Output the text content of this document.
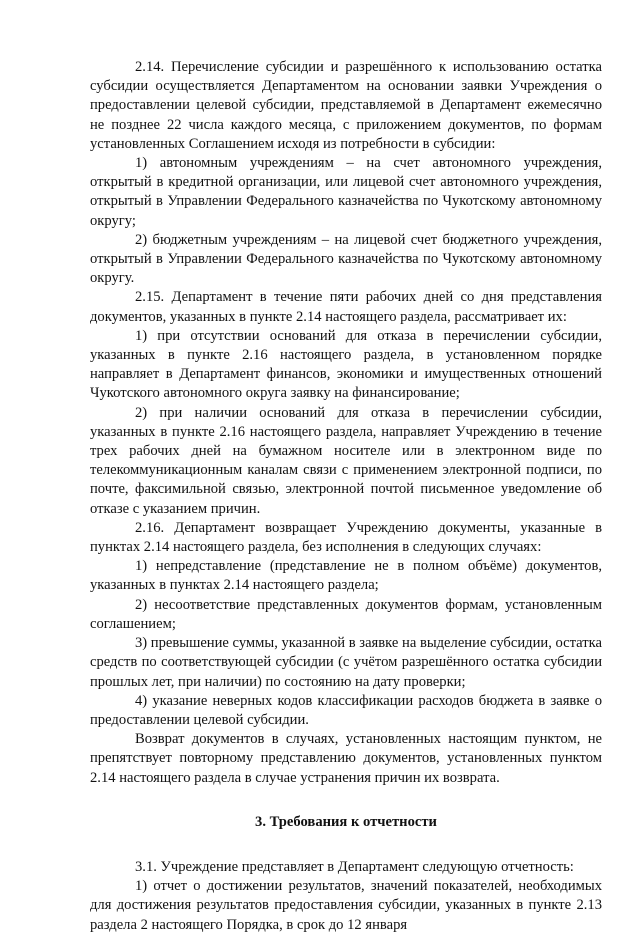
2.14. Перечисление субсидии и разрешённого к использованию остатка субсидии осуществляется Департаментом на основании заявки Учреждения о предоставлении целевой субсидии, представляемой в Департамент ежемесячно не позднее 22 числа каждого месяца, с приложением документов, по формам установленных Соглашением исходя из потребности в субсидии:

1) автономным учреждениям – на счет автономного учреждения, открытый в кредитной организации, или лицевой счет автономного учреждения, открытый в Управлении Федерального казначейства по Чукотскому автономному округу;

2) бюджетным учреждениям – на лицевой счет бюджетного учреждения, открытый в Управлении Федерального казначейства по Чукотскому автономному округу.

2.15. Департамент в течение пяти рабочих дней со дня представления документов, указанных в пункте 2.14 настоящего раздела, рассматривает их:

1) при отсутствии оснований для отказа в перечислении субсидии, указанных в пункте 2.16 настоящего раздела, в установленном порядке направляет в Департамент финансов, экономики и имущественных отношений Чукотского автономного округа заявку на финансирование;

2) при наличии оснований для отказа в перечислении субсидии, указанных в пункте 2.16 настоящего раздела, направляет Учреждению в течение трех рабочих дней на бумажном носителе или в электронном виде по телекоммуникационным каналам связи с применением электронной подписи, по почте, факсимильной связью, электронной почтой письменное уведомление об отказе с указанием причин.

2.16. Департамент возвращает Учреждению документы, указанные в пунктах 2.14 настоящего раздела, без исполнения в следующих случаях:

1) непредставление (представление не в полном объёме) документов, указанных в пунктах 2.14 настоящего раздела;

2) несоответствие представленных документов формам, установленным соглашением;

3) превышение суммы, указанной в заявке на выделение субсидии, остатка средств по соответствующей субсидии (с учётом разрешённого остатка субсидии прошлых лет, при наличии) по состоянию на дату проверки;

4) указание неверных кодов классификации расходов бюджета в заявке о предоставлении целевой субсидии.

Возврат документов в случаях, установленных настоящим пунктом, не препятствует повторному представлению документов, установленных пунктом 2.14 настоящего раздела в случае устранения причин их возврата.

3. Требования к отчетности

3.1. Учреждение представляет в Департамент следующую отчетность:

1) отчет о достижении результатов, значений показателей, необходимых для достижения результатов предоставления субсидии, указанных в пункте 2.13 раздела 2 настоящего Порядка, в срок до 12 января
